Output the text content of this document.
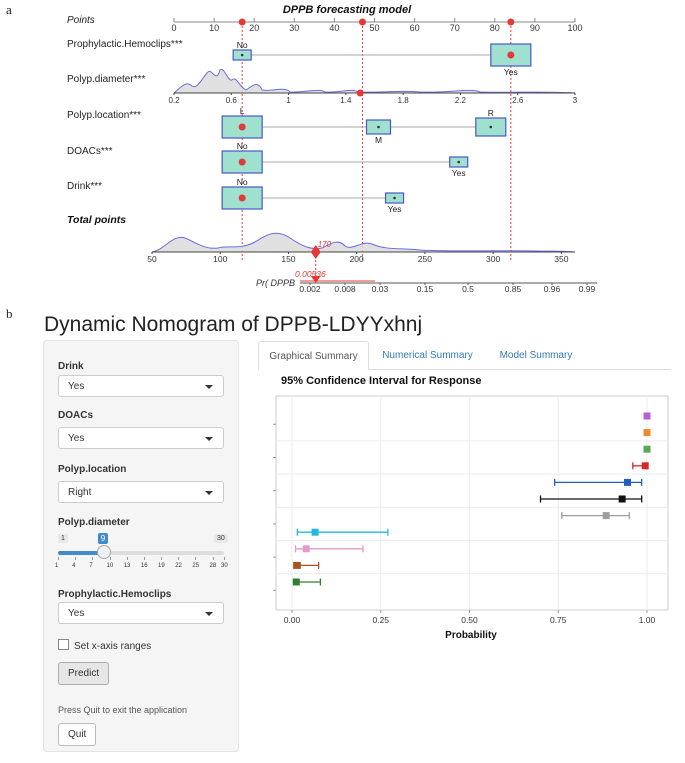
a
b
DPPB forecasting model
Points
0	10	20	30	40	50	60	70	80	90	100
Prophylactic.Hemoclips***
Polyp.diameter***
Polyp.location***
DOACs***
Drink***
No
Yes
L
M
R
No
Yes
No
Yes
0.2	0.6	1	1.4	1.8	2.2	2.6	3
Total points
50	100	150	200	250	300	350
170
Pr( DPPB
0.002 0.008 0.03	0.15	0.5	0.85	0.96 0.99
0.00536
Dynamic Nomogram of DPPB-LDYYxhnj
Drink
Yes
DOACs
Yes
Polyp.location
Right
Polyp.diameter
1	30
9
Prophylactic.Hemoclips
Yes
Set x-axis ranges
Predict
Press Quit to exit the application
Quit
1 4 7 10 13 16 19 22 25 28 30
Graphical Summary	Numerical Summary	Model Summary
95% Confidence Interval for Response
0.00	0.25	0.50	0.75	1.00
Probability
